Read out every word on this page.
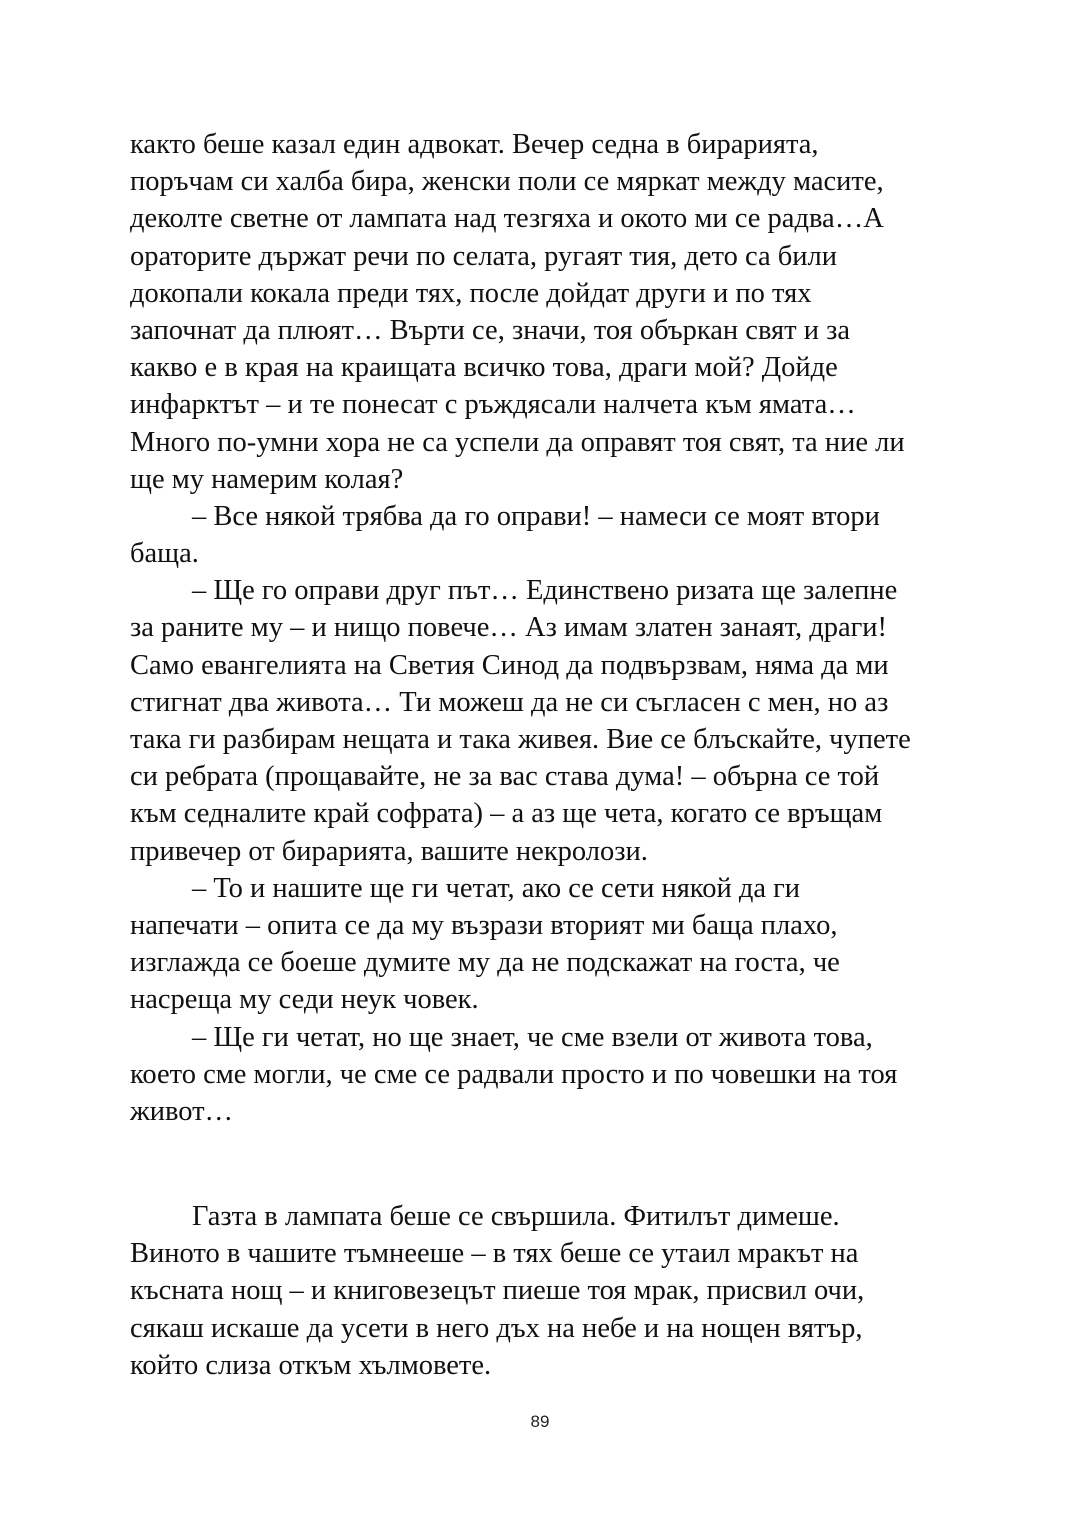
както беше казал един адвокат. Вечер седна в бирарията,
поръчам си халба бира, женски поли се мяркат между масите,
деколте светне от лампата над тезгяха и окото ми се радва…А
ораторите държат речи по селата, ругаят тия, дето са били
докопали кокала преди тях, после дойдат други и по тях
започнат да плюят… Върти се, значи, тоя объркан свят и за
какво е в края на краищата всичко това, драги мой? Дойде
инфарктът – и те понесат с ръждясали налчета към ямата…
Много по-умни хора не са успели да оправят тоя свят, та ние ли
ще му намерим колая?
– Все някой трябва да го оправи! – намеси се моят втори
баща.
– Ще го оправи друг път… Единствено ризата ще залепне
за раните му – и нищо повече… Аз имам златен занаят, драги!
Само евангелията на Светия Синод да подвързвам, няма да ми
стигнат два живота… Ти можеш да не си съгласен с мен, но аз
така ги разбирам нещата и така живея. Вие се блъскайте, чупете
си ребрата (прощавайте, не за вас става дума! – обърна се той
към седналите край софрата) – а аз ще чета, когато се връщам
привечер от бирарията, вашите некролози.
– То и нашите ще ги четат, ако се сети някой да ги
напечати – опита се да му възрази вторият ми баща плахо,
изглажда се боеше думите му да не подскажат на госта, че
насреща му седи неук човек.
– Ще ги четат, но ще знает, че сме взели от живота това,
което сме могли, че сме се радвали просто и по човешки на тоя
живот…
Газта в лампата беше се свършила. Фитилът димеше.
Виното в чашите тъмнееше – в тях беше се утаил мракът на
късната нощ – и книговезецът пиеше тоя мрак, присвил очи,
сякаш искаше да усети в него дъх на небе и на нощен вятър,
който слиза откъм хълмовете.
89
